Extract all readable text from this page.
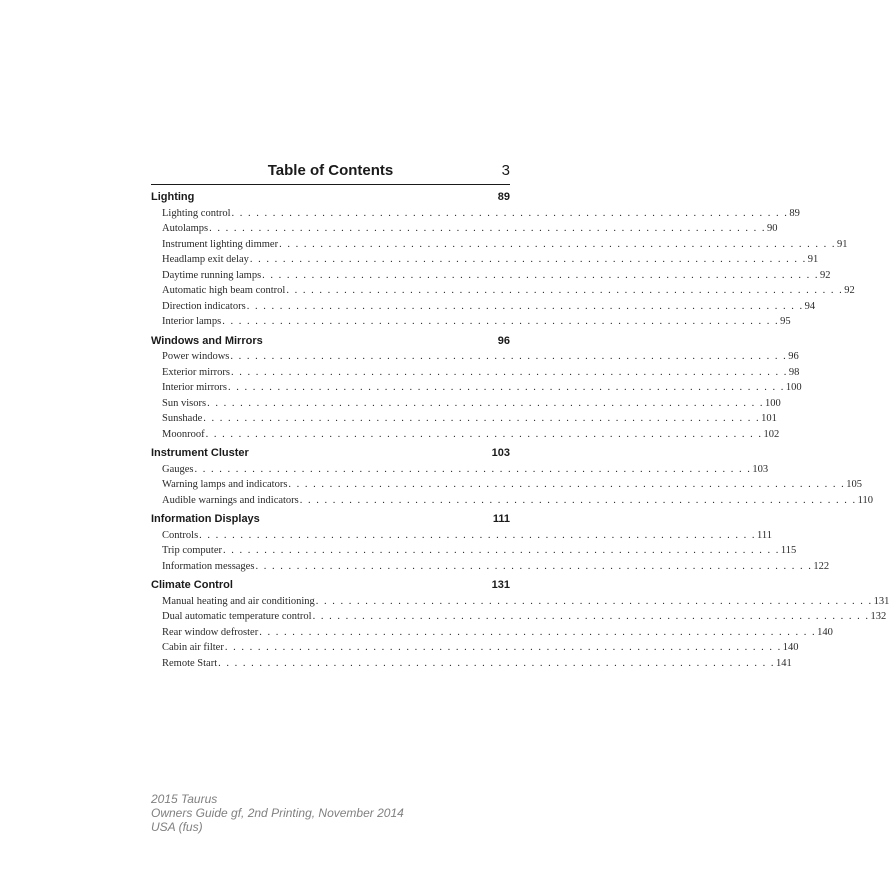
Table of Contents	3
Lighting	89
Lighting control . . . . . . . . . . . . . . . . . . . . . . . . . . . . . . . . . . . . . . . . . . . . . . . . . . . . . . . . . . . . . . . . . . . . 89
Autolamps . . . . . . . . . . . . . . . . . . . . . . . . . . . . . . . . . . . . . . . . . . . . . . . . . . . . . . . . . . . . . . . . . . . . 90
Instrument lighting dimmer . . . . . . . . . . . . . . . . . . . . . . . . . . . . . . . . . . . . . . . . . . . . . . . . . . . . . . . . . . . . . . . . . . . . 91
Headlamp exit delay . . . . . . . . . . . . . . . . . . . . . . . . . . . . . . . . . . . . . . . . . . . . . . . . . . . . . . . . . . . . . . . . . . . . 91
Daytime running lamps . . . . . . . . . . . . . . . . . . . . . . . . . . . . . . . . . . . . . . . . . . . . . . . . . . . . . . . . . . . . . . . . . . . . 92
Automatic high beam control . . . . . . . . . . . . . . . . . . . . . . . . . . . . . . . . . . . . . . . . . . . . . . . . . . . . . . . . . . . . . . . . . . . . 92
Direction indicators . . . . . . . . . . . . . . . . . . . . . . . . . . . . . . . . . . . . . . . . . . . . . . . . . . . . . . . . . . . . . . . . . . . . 94
Interior lamps . . . . . . . . . . . . . . . . . . . . . . . . . . . . . . . . . . . . . . . . . . . . . . . . . . . . . . . . . . . . . . . . . . . . 95
Windows and Mirrors	96
Power windows . . . . . . . . . . . . . . . . . . . . . . . . . . . . . . . . . . . . . . . . . . . . . . . . . . . . . . . . . . . . . . . . . . . . 96
Exterior mirrors . . . . . . . . . . . . . . . . . . . . . . . . . . . . . . . . . . . . . . . . . . . . . . . . . . . . . . . . . . . . . . . . . . . . 98
Interior mirrors . . . . . . . . . . . . . . . . . . . . . . . . . . . . . . . . . . . . . . . . . . . . . . . . . . . . . . . . . . . . . . . . . . . . 100
Sun visors . . . . . . . . . . . . . . . . . . . . . . . . . . . . . . . . . . . . . . . . . . . . . . . . . . . . . . . . . . . . . . . . . . . . 100
Sunshade . . . . . . . . . . . . . . . . . . . . . . . . . . . . . . . . . . . . . . . . . . . . . . . . . . . . . . . . . . . . . . . . . . . . 101
Moonroof . . . . . . . . . . . . . . . . . . . . . . . . . . . . . . . . . . . . . . . . . . . . . . . . . . . . . . . . . . . . . . . . . . . . 102
Instrument Cluster	103
Gauges . . . . . . . . . . . . . . . . . . . . . . . . . . . . . . . . . . . . . . . . . . . . . . . . . . . . . . . . . . . . . . . . . . . . 103
Warning lamps and indicators . . . . . . . . . . . . . . . . . . . . . . . . . . . . . . . . . . . . . . . . . . . . . . . . . . . . . . . . . . . . . . . . . . . . 105
Audible warnings and indicators . . . . . . . . . . . . . . . . . . . . . . . . . . . . . . . . . . . . . . . . . . . . . . . . . . . . . . . . . . . . . . . . . . . . 110
Information Displays	111
Controls . . . . . . . . . . . . . . . . . . . . . . . . . . . . . . . . . . . . . . . . . . . . . . . . . . . . . . . . . . . . . . . . . . . . 111
Trip computer . . . . . . . . . . . . . . . . . . . . . . . . . . . . . . . . . . . . . . . . . . . . . . . . . . . . . . . . . . . . . . . . . . . . 115
Information messages . . . . . . . . . . . . . . . . . . . . . . . . . . . . . . . . . . . . . . . . . . . . . . . . . . . . . . . . . . . . . . . . . . . . 122
Climate Control	131
Manual heating and air conditioning . . . . . . . . . . . . . . . . . . . . . . . . . . . . . . . . . . . . . . . . . . . . . . . . . . . . . . . . . . . . . . . . . . . . 131
Dual automatic temperature control . . . . . . . . . . . . . . . . . . . . . . . . . . . . . . . . . . . . . . . . . . . . . . . . . . . . . . . . . . . . . . . . . . . . 132
Rear window defroster . . . . . . . . . . . . . . . . . . . . . . . . . . . . . . . . . . . . . . . . . . . . . . . . . . . . . . . . . . . . . . . . . . . . 140
Cabin air filter . . . . . . . . . . . . . . . . . . . . . . . . . . . . . . . . . . . . . . . . . . . . . . . . . . . . . . . . . . . . . . . . . . . . 140
Remote Start . . . . . . . . . . . . . . . . . . . . . . . . . . . . . . . . . . . . . . . . . . . . . . . . . . . . . . . . . . . . . . . . . . . . 141
2015 Taurus
Owners Guide gf, 2nd Printing, November 2014
USA (fus)
